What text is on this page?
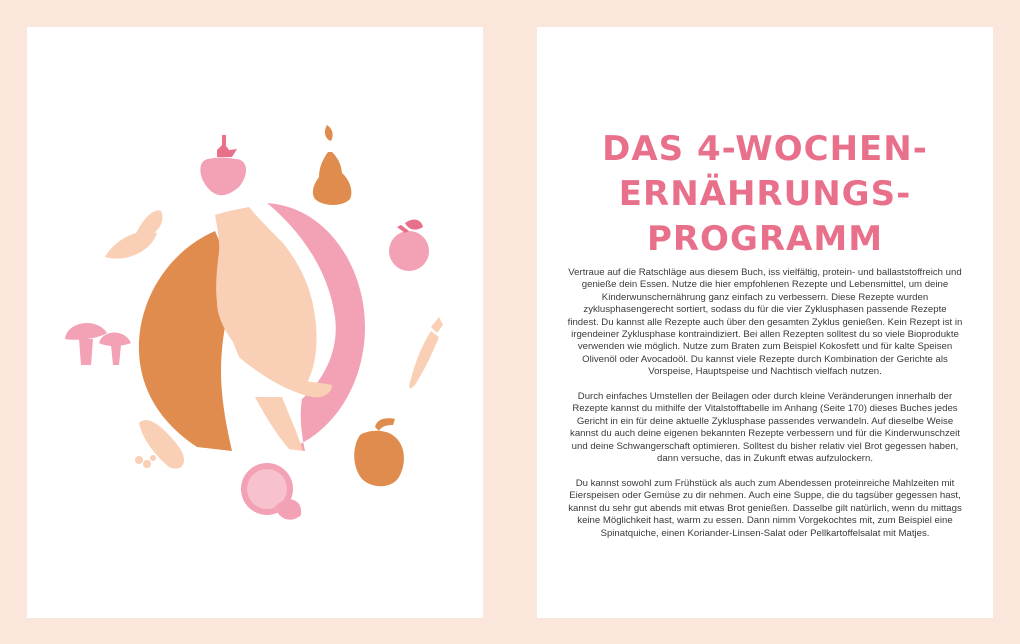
DAS 4-WOCHEN-
ERNÄHRUNGS-
PROGRAMM

Vertraue auf die Ratschläge aus diesem Buch, iss vielfältig, protein- und ballaststoffreich und genieße dein Essen. Nutze die hier empfohlenen Rezepte und Lebensmittel, um deine Kinderwunschernährung ganz einfach zu verbessern. Diese Rezepte wurden zyklusphasengerecht sortiert, sodass du für die vier Zyklusphasen passende Rezepte findest. Du kannst alle Rezepte auch über den gesamten Zyklus genießen. Kein Rezept ist in irgendeiner Zyklusphase kontraindiziert. Bei allen Rezepten solltest du so viele Bioprodukte verwenden wie möglich. Nutze zum Braten zum Beispiel Kokosfett und für kalte Speisen Olivenöl oder Avocadoöl. Du kannst viele Rezepte durch Kombination der Gerichte als Vorspeise, Hauptspeise und Nachtisch vielfach nutzen.

Durch einfaches Umstellen der Beilagen oder durch kleine Veränderungen innerhalb der Rezepte kannst du mithilfe der Vitalstofftabelle im Anhang (Seite 170) dieses Buches jedes Gericht in ein für deine aktuelle Zyklusphase passendes verwandeln. Auf dieselbe Weise kannst du auch deine eigenen bekannten Rezepte verbessern und für die Kinderwunschzeit und deine Schwangerschaft optimieren. Solltest du bisher relativ viel Brot gegessen haben, dann versuche, das in Zukunft etwas aufzulockern.

Du kannst sowohl zum Frühstück als auch zum Abendessen proteinreiche Mahlzeiten mit Eierspeisen oder Gemüse zu dir nehmen. Auch eine Suppe, die du tagsüber gegessen hast, kannst du sehr gut abends mit etwas Brot genießen. Dasselbe gilt natürlich, wenn du mittags keine Möglichkeit hast, warm zu essen. Dann nimm Vorgekochtes mit, zum Beispiel eine Spinatquiche, einen Koriander-Linsen-Salat oder Pellkartoffelsalat mit Matjes.
